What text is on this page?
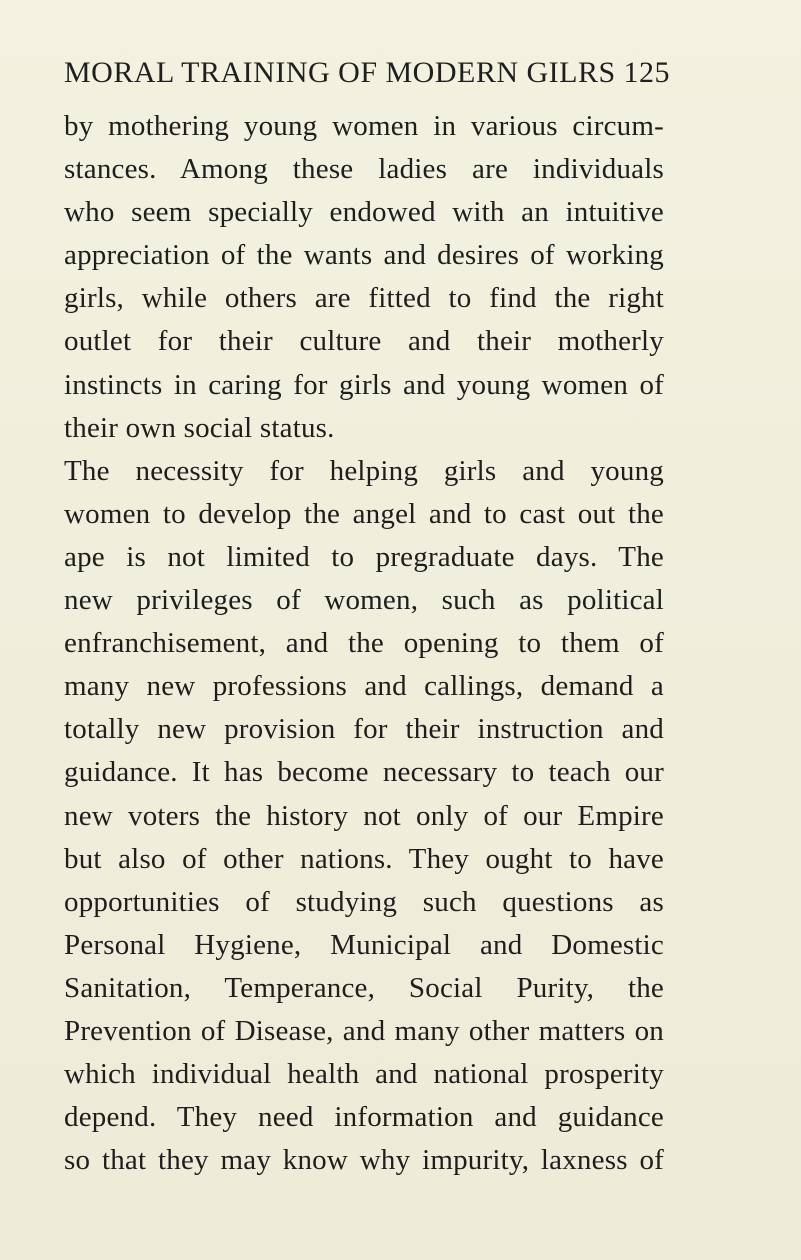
MORAL TRAINING OF MODERN GILRS 125
by mothering young women in various circum-
stances. Among these ladies are individuals
who seem specially endowed with an intuitive
appreciation of the wants and desires of working
girls, while others are fitted to find the right
outlet for their culture and their motherly
instincts in caring for girls and young women of
their own social status.
The necessity for helping girls and young
women to develop the angel and to cast out the
ape is not limited to pregraduate days. The
new privileges of women, such as political
enfranchisement, and the opening to them of
many new professions and callings, demand a
totally new provision for their instruction and
guidance. It has become necessary to teach our
new voters the history not only of our Empire
but also of other nations. They ought to have
opportunities of studying such questions as
Personal Hygiene, Municipal and Domestic
Sanitation, Temperance, Social Purity, the
Prevention of Disease, and many other matters on
which individual health and national prosperity
depend. They need information and guidance
so that they may know why impurity, laxness of
